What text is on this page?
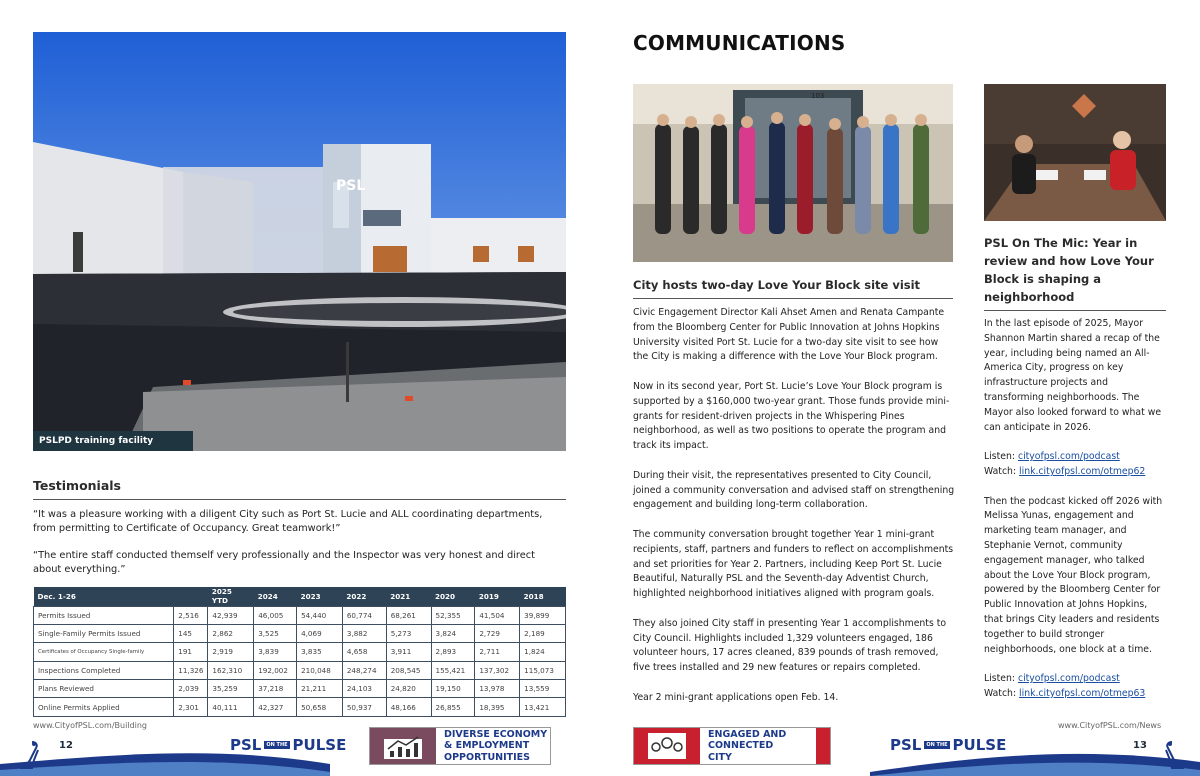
PSL
PSLPD training facility
Testimonials
“It was a pleasure working with a diligent City such as Port St. Lucie and ALL coordinating departments, from permitting to Certificate of Occupancy. Great teamwork!”
“The entire staff conducted themself very professionally and the Inspector was very honest and direct about everything.”
Dec. 1-26		2025 YTD	2024	2023	2022	2021	2020	2019	2018
Permits Issued	2,516	42,939	46,005	54,440	60,774	68,261	52,355	41,504	39,899
Single-Family Permits Issued	145	2,862	3,525	4,069	3,882	5,273	3,824	2,729	2,189
Certificates of Occupancy Single-family	191	2,919	3,839	3,835	4,658	3,911	2,893	2,711	1,824
Inspections Completed	11,326	162,310	192,002	210,048	248,274	208,545	155,421	137,302	115,073
Plans Reviewed	2,039	35,259	37,218	21,211	24,103	24,820	19,150	13,978	13,559
Online Permits Applied	2,301	40,111	42,327	50,658	50,937	48,166	26,855	18,395	13,421
www.CityofPSL.com/Building
12	PSL	ON THE PULSE
DIVERSE ECONOMY
& EMPLOYMENT
OPPORTUNITIES
COMMUNICATIONS
103
City hosts two-day Love Your Block site visit

Civic Engagement Director Kali Ahset Amen and Renata Campante from the Bloomberg Center for Public Innovation at Johns Hopkins University visited Port St. Lucie for a two-day site visit to see how the City is making a difference with the Love Your Block program.

Now in its second year, Port St. Lucie’s Love Your Block program is supported by a $160,000 two-year grant. Those funds provide mini-grants for resident-driven projects in the Whispering Pines neighborhood, as well as two positions to operate the program and track its impact.

During their visit, the representatives presented to City Council, joined a community conversation and advised staff on strengthening engagement and building long-term collaboration.

The community conversation brought together Year 1 mini-grant recipients, staff, partners and funders to reflect on accomplishments and set priorities for Year 2. Partners, including Keep Port St. Lucie Beautiful, Naturally PSL and the Seventh-day Adventist Church, highlighted neighborhood initiatives aligned with program goals.

They also joined City staff in presenting Year 1 accomplishments to City Council. Highlights included 1,329 volunteers engaged, 186 volunteer hours, 17 acres cleaned, 839 pounds of trash removed, five trees installed and 29 new features or repairs completed.

Year 2 mini-grant applications open Feb. 14.

PSL On The Mic: Year in review and how Love Your Block is shaping a neighborhood

In the last episode of 2025, Mayor Shannon Martin shared a recap of the year, including being named an All-America City, progress on key infrastructure projects and transforming neighborhoods. The Mayor also looked forward to what we can anticipate in 2026.

Listen: cityofpsl.com/podcast
Watch: link.cityofpsl.com/otmep62

Then the podcast kicked off 2026 with Melissa Yunas, engagement and marketing team manager, and Stephanie Vernot, community engagement manager, who talked about the Love Your Block program, powered by the Bloomberg Center for Public Innovation at Johns Hopkins, that brings City leaders and residents together to build stronger neighborhoods, one block at a time.

Listen: cityofpsl.com/podcast
Watch: link.cityofpsl.com/otmep63
www.CityofPSL.com/News
ENGAGED AND
CONNECTED
CITY
PSL	ON THE PULSE	13
